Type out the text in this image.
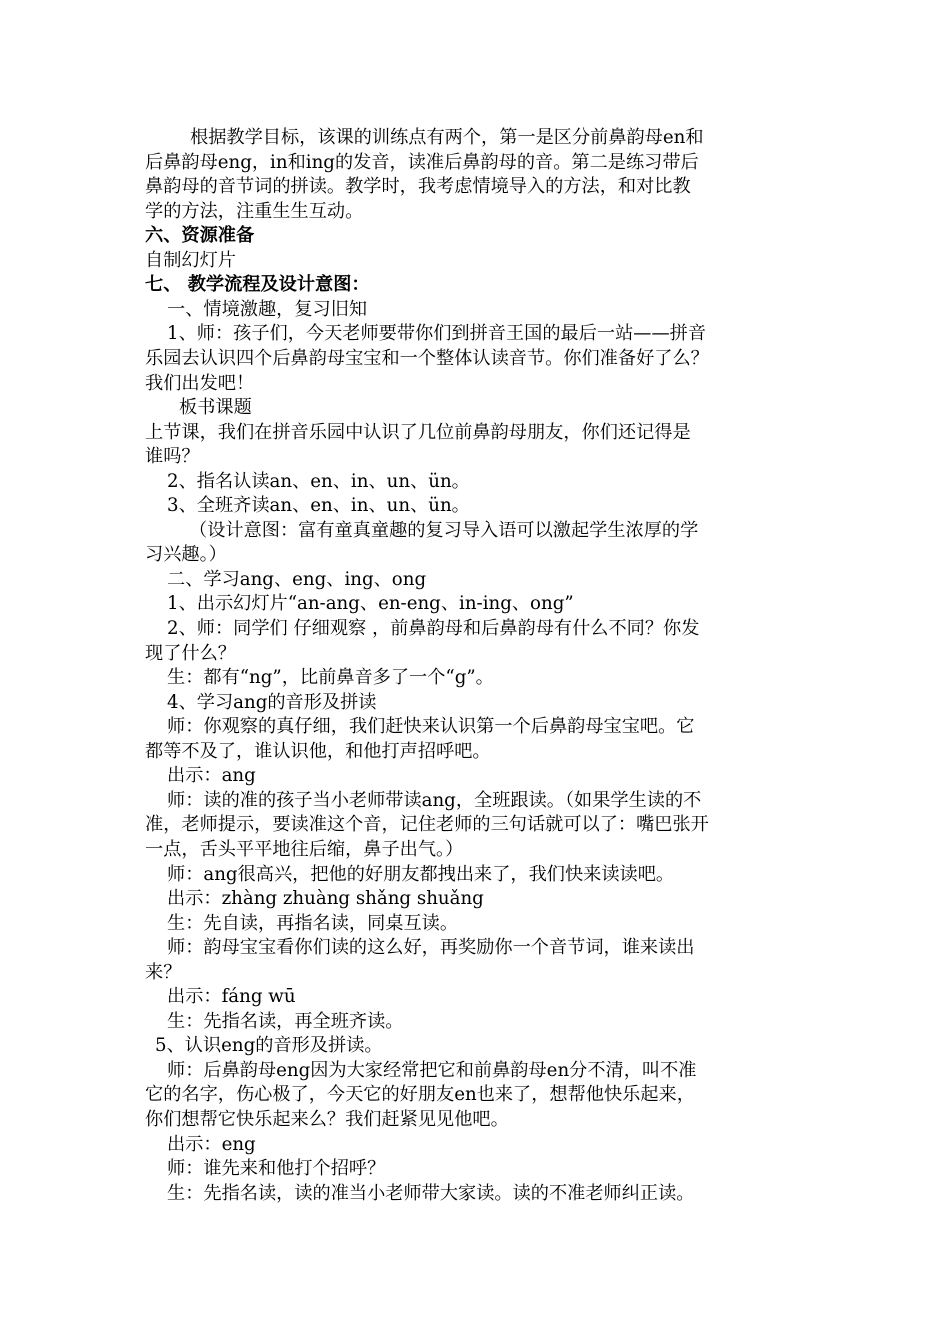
根据教学目标，该课的训练点有两个，第一是区分前鼻韵母en和
后鼻韵母eng，in和ing的发音，读准后鼻韵母的音。第二是练习带后
鼻韵母的音节词的拼读。教学时，我考虑情境导入的方法，和对比教
学的方法，注重生生互动。
六、资源准备
自制幻灯片
七、 教学流程及设计意图：
一、情境激趣，复习旧知
1、师：孩子们，今天老师要带你们到拼音王国的最后一站——拼音
乐园去认识四个后鼻韵母宝宝和一个整体认读音节。你们准备好了么？
我们出发吧！
板书课题
上节课，我们在拼音乐园中认识了几位前鼻韵母朋友，你们还记得是
谁吗？
2、指名认读an、en、in、un、ün。
3、全班齐读an、en、in、un、ün。
（设计意图：富有童真童趣的复习导入语可以激起学生浓厚的学
习兴趣。）
二、学习ang、eng、ing、ong
1、出示幻灯片“an-ang、en-eng、in-ing、ong”
2、师：同学们 仔细观察 ，前鼻韵母和后鼻韵母有什么不同？你发
现了什么？
生：都有“ng”，比前鼻音多了一个“g”。
4、学习ang的音形及拼读
师：你观察的真仔细，我们赶快来认识第一个后鼻韵母宝宝吧。它
都等不及了，谁认识他，和他打声招呼吧。
出示：ang
师：读的准的孩子当小老师带读ang，全班跟读。（如果学生读的不
准，老师提示，要读准这个音，记住老师的三句话就可以了：嘴巴张开
一点，舌头平平地往后缩，鼻子出气。）
师：ang很高兴，把他的好朋友都拽出来了，我们快来读读吧。
出示：zhàng zhuàng shǎng shuǎng
生：先自读，再指名读，同桌互读。
师：韵母宝宝看你们读的这么好，再奖励你一个音节词，谁来读出
来？
出示：fáng wū
生：先指名读，再全班齐读。
5、认识eng的音形及拼读。
师：后鼻韵母eng因为大家经常把它和前鼻韵母en分不清，叫不准
它的名字，伤心极了，今天它的好朋友en也来了，想帮他快乐起来，
你们想帮它快乐起来么？我们赶紧见见他吧。
出示：eng
师：谁先来和他打个招呼？
生：先指名读，读的准当小老师带大家读。读的不准老师纠正读。
